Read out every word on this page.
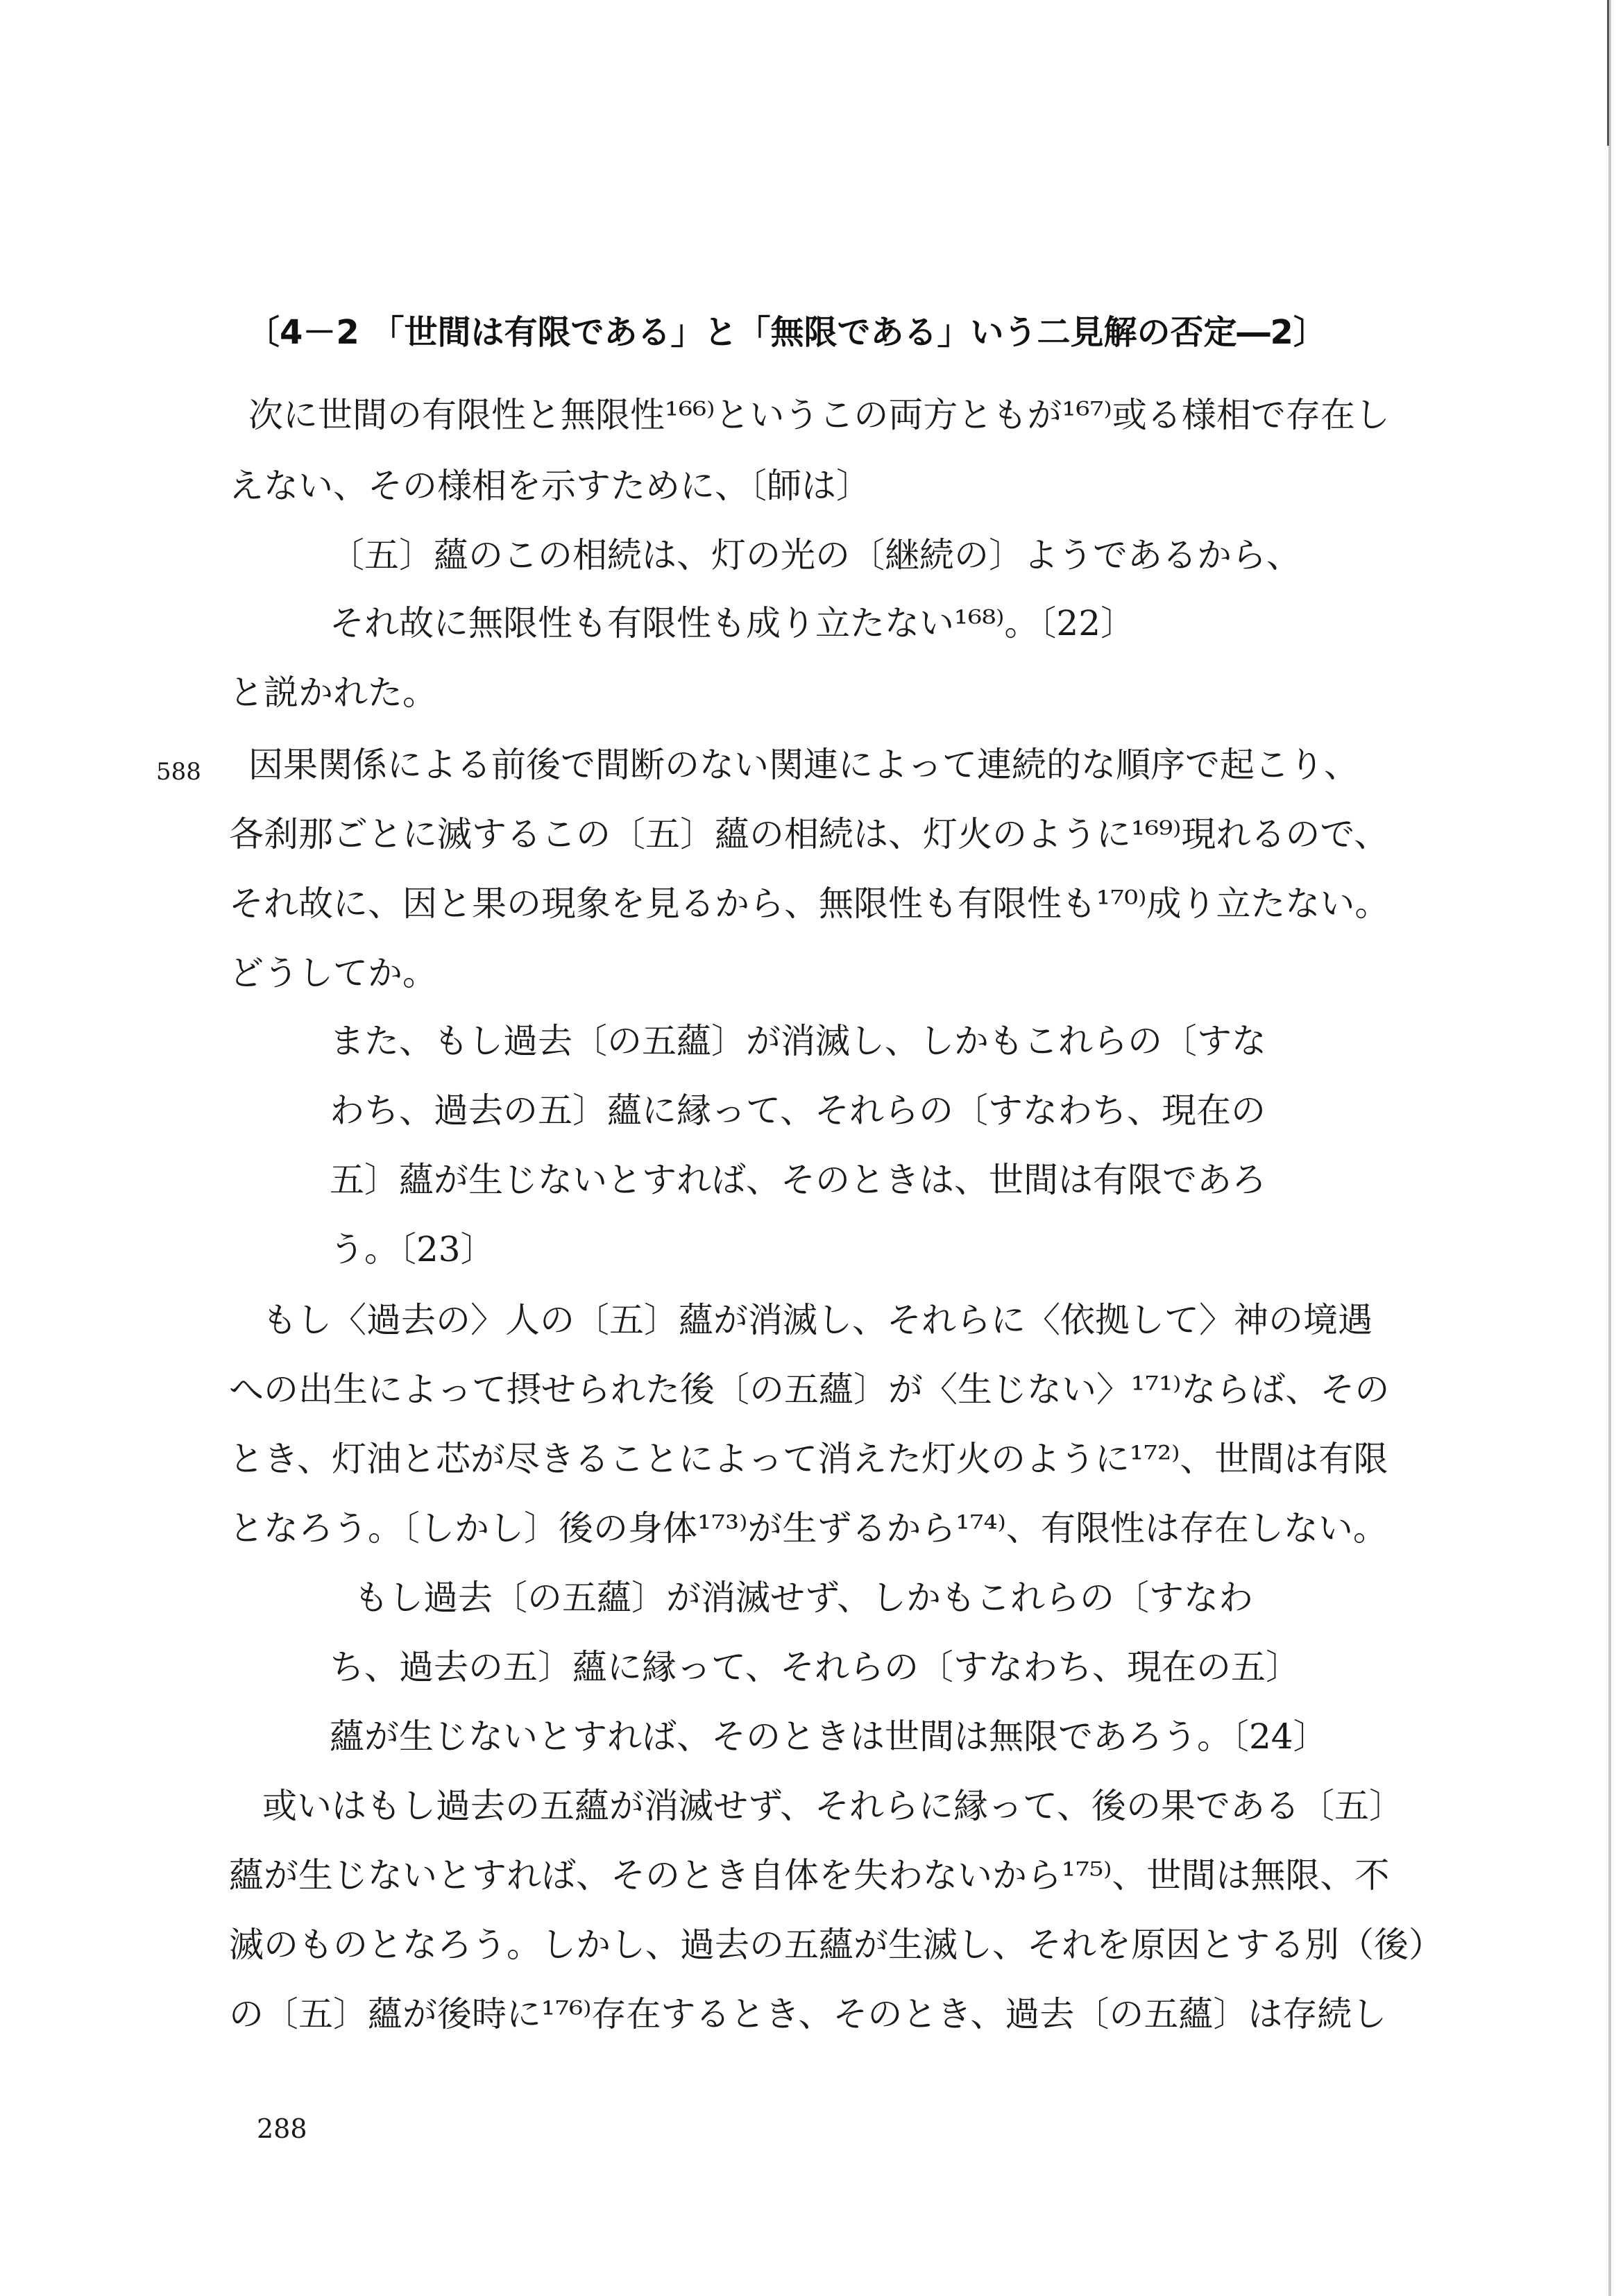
〔4－2 「世間は有限である」と「無限である」いう二見解の否定―2〕
次に世間の有限性と無限性¹⁶⁶⁾というこの両方ともが¹⁶⁷⁾或る様相で存在し
えない、その様相を示すために、〔師は〕
〔五〕蘊のこの相続は、灯の光の〔継続の〕ようであるから、
それ故に無限性も有限性も成り立たない¹⁶⁸⁾。〔22〕
と説かれた。
588 因果関係による前後で間断のない関連によって連続的な順序で起こり、
各刹那ごとに滅するこの〔五〕蘊の相続は、灯火のように¹⁶⁹⁾現れるので、
それ故に、因と果の現象を見るから、無限性も有限性も¹⁷⁰⁾成り立たない。
どうしてか。
また、もし過去〔の五蘊〕が消滅し、しかもこれらの〔すな
わち、過去の五〕蘊に縁って、それらの〔すなわち、現在の
五〕蘊が生じないとすれば、そのときは、世間は有限であろ
う。〔23〕
もし〈過去の〉人の〔五〕蘊が消滅し、それらに〈依拠して〉神の境遇
への出生によって摂せられた後〔の五蘊〕が〈生じない〉¹⁷¹⁾ならば、その
とき、灯油と芯が尽きることによって消えた灯火のように¹⁷²⁾、世間は有限
となろう。〔しかし〕後の身体¹⁷³⁾が生ずるから¹⁷⁴⁾、有限性は存在しない。
もし過去〔の五蘊〕が消滅せず、しかもこれらの〔すなわ
ち、過去の五〕蘊に縁って、それらの〔すなわち、現在の五〕
蘊が生じないとすれば、そのときは世間は無限であろう。〔24〕
或いはもし過去の五蘊が消滅せず、それらに縁って、後の果である〔五〕
蘊が生じないとすれば、そのとき自体を失わないから¹⁷⁵⁾、世間は無限、不
滅のものとなろう。しかし、過去の五蘊が生滅し、それを原因とする別（後）
の〔五〕蘊が後時に¹⁷⁶⁾存在するとき、そのとき、過去〔の五蘊〕は存続し
288
